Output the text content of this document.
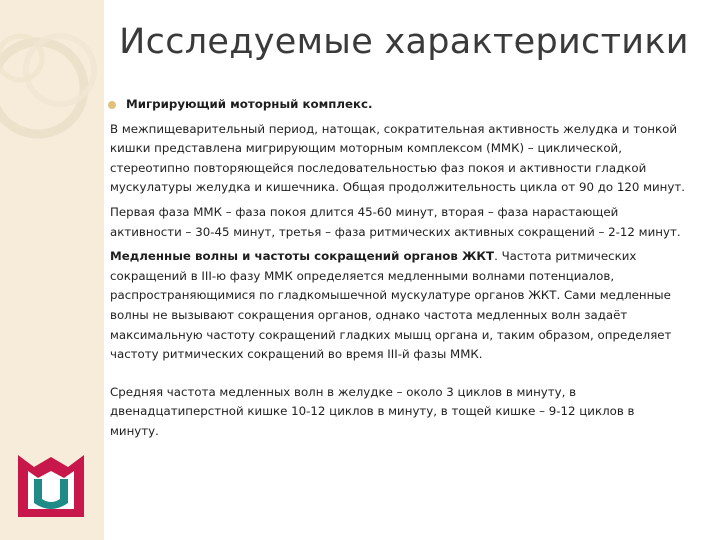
Исследуемые характеристики
Мигрирующий моторный комплекс.

В межпищеварительный период, натощак, сократительная активность желудка и тонкой кишки представлена мигрирующим моторным комплексом (ММК) – циклической, стереотипно повторяющейся последовательностью фаз покоя и активности гладкой мускулатуры желудка и кишечника. Общая продолжительность цикла от 90 до 120 минут.

Первая фаза ММК – фаза покоя длится 45-60 минут, вторая – фаза нарастающей активности – 30-45 минут, третья – фаза ритмических активных сокращений – 2-12 минут.

Медленные волны и частоты сокращений органов ЖКТ. Частота ритмических сокращений в III-ю фазу ММК определяется медленными волнами потенциалов, распространяющимися по гладкомышечной мускулатуре органов ЖКТ. Сами медленные волны не вызывают сокращения органов, однако частота медленных волн задаёт максимальную частоту сокращений гладких мышц органа и, таким образом, определяет частоту ритмических сокращений во время III-й фазы ММК.

Средняя частота медленных волн в желудке – около 3 циклов в минуту, в двенадцатиперстной кишке 10-12 циклов в минуту, в тощей кишке – 9-12 циклов в минуту.
